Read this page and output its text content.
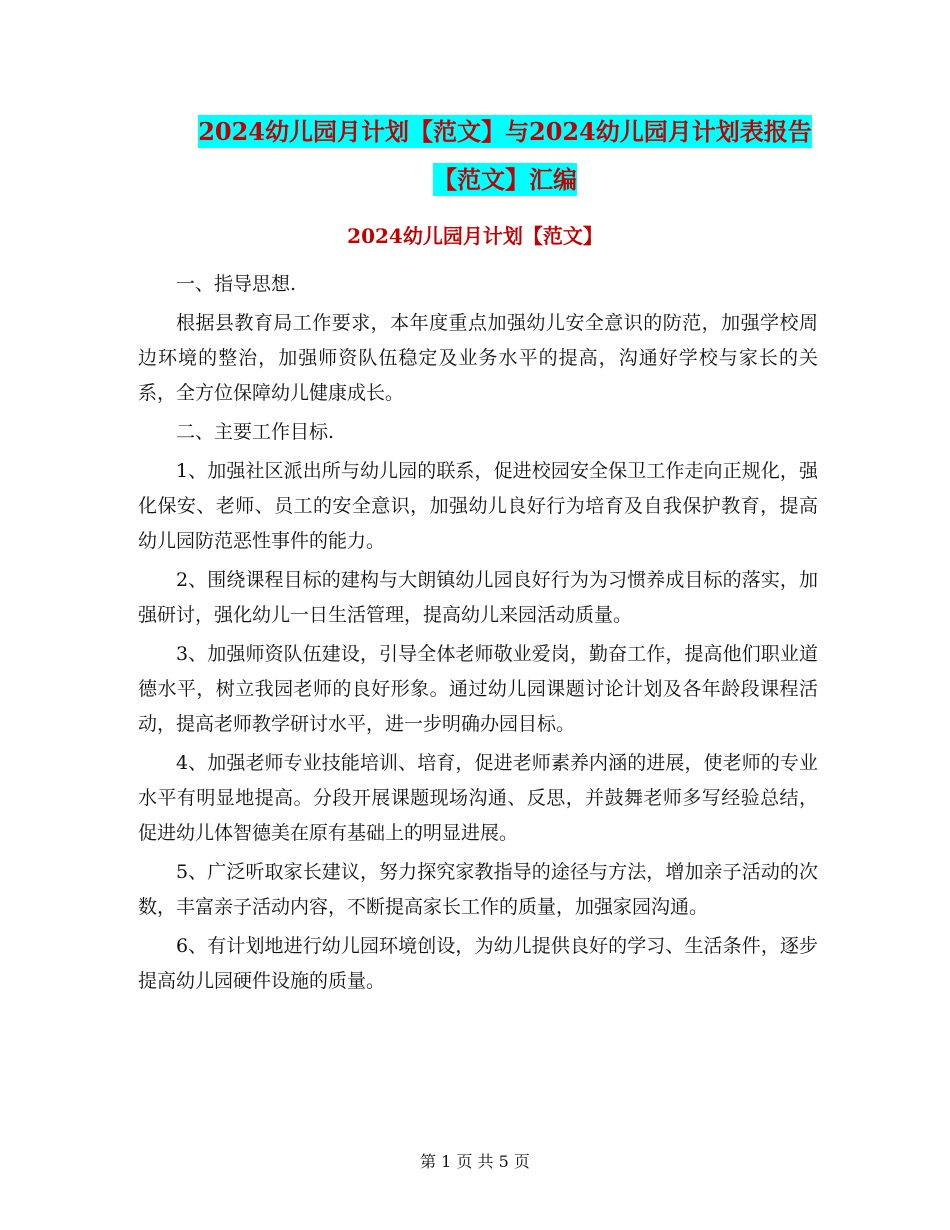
2024幼儿园月计划【范文】与2024幼儿园月计划表报告【范文】汇编
2024幼儿园月计划【范文】

一、指导思想.

根据县教育局工作要求，本年度重点加强幼儿安全意识的防范，加强学校周边环境的整治，加强师资队伍稳定及业务水平的提高，沟通好学校与家长的关系，全方位保障幼儿健康成长。

二、主要工作目标.

1、加强社区派出所与幼儿园的联系，促进校园安全保卫工作走向正规化，强化保安、老师、员工的安全意识，加强幼儿良好行为培育及自我保护教育，提高幼儿园防范恶性事件的能力。

2、围绕课程目标的建构与大朗镇幼儿园良好行为为习惯养成目标的落实，加强研讨，强化幼儿一日生活管理，提高幼儿来园活动质量。

3、加强师资队伍建设，引导全体老师敬业爱岗，勤奋工作，提高他们职业道德水平，树立我园老师的良好形象。通过幼儿园课题讨论计划及各年龄段课程活动，提高老师教学研讨水平，进一步明确办园目标。

4、加强老师专业技能培训、培育，促进老师素养内涵的进展，使老师的专业水平有明显地提高。分段开展课题现场沟通、反思，并鼓舞老师多写经验总结，促进幼儿体智德美在原有基础上的明显进展。

5、广泛听取家长建议，努力探究家教指导的途径与方法，增加亲子活动的次数，丰富亲子活动内容，不断提高家长工作的质量，加强家园沟通。

6、有计划地进行幼儿园环境创设，为幼儿提供良好的学习、生活条件，逐步提高幼儿园硬件设施的质量。

第 1 页 共 5 页
